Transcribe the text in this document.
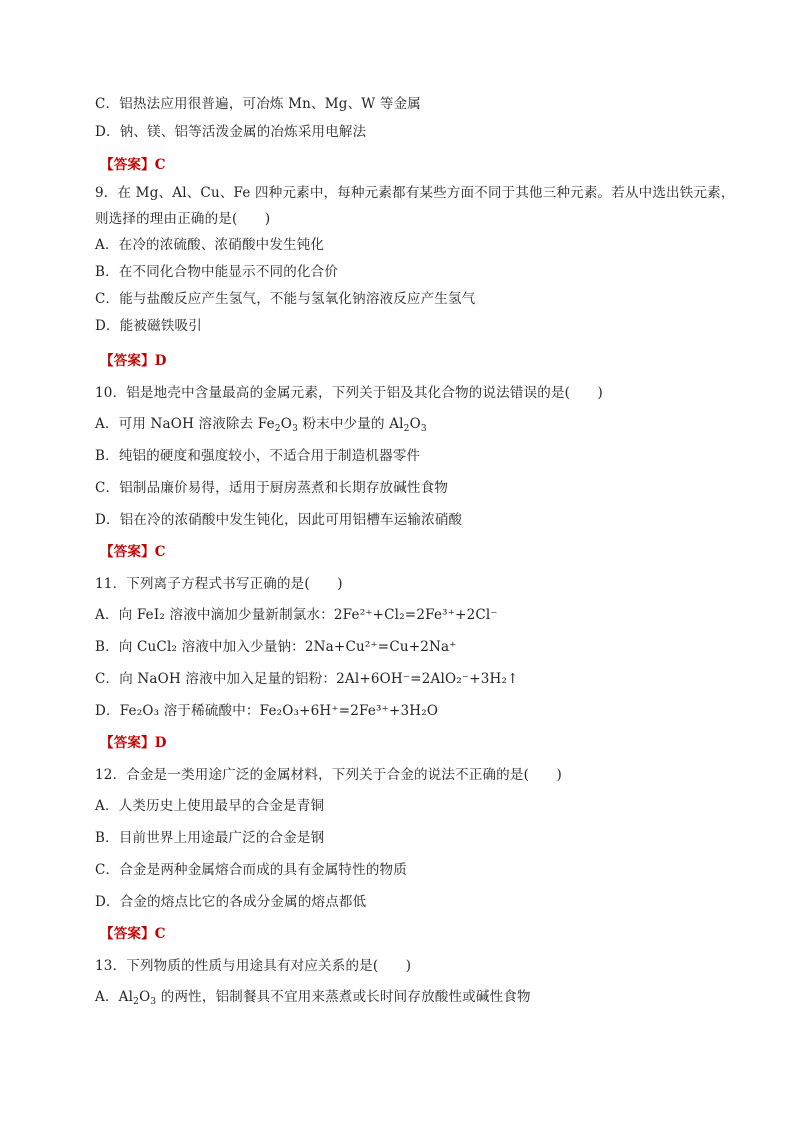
C．铝热法应用很普遍，可冶炼 Mn、Mg、W 等金属
D．钠、镁、铝等活泼金属的冶炼采用电解法
【答案】C
9．在 Mg、Al、Cu、Fe 四种元素中，每种元素都有某些方面不同于其他三种元素。若从中选出铁元素，
则选择的理由正确的是(　　)
A．在冷的浓硫酸、浓硝酸中发生钝化
B．在不同化合物中能显示不同的化合价
C．能与盐酸反应产生氢气，不能与氢氧化钠溶液反应产生氢气
D．能被磁铁吸引
【答案】D
10．铝是地壳中含量最高的金属元素，下列关于铝及其化合物的说法错误的是(　　)
A．可用 NaOH 溶液除去 $Fe_2O_3$ 粉末中少量的 $Al_2O_3$
B．纯铝的硬度和强度较小，不适合用于制造机器零件
C．铝制品廉价易得，适用于厨房蒸煮和长期存放碱性食物
D．铝在冷的浓硝酸中发生钝化，因此可用铝槽车运输浓硝酸
【答案】C
11．下列离子方程式书写正确的是(　　)
A．向 FeI₂ 溶液中滴加少量新制氯水：2Fe²⁺+Cl₂=2Fe³⁺+2Cl⁻
B．向 CuCl₂ 溶液中加入少量钠：2Na+Cu²⁺=Cu+2Na⁺
C．向 NaOH 溶液中加入足量的铝粉：2Al+6OH⁻=2AlO₂⁻+3H₂↑
D．Fe₂O₃ 溶于稀硫酸中：Fe₂O₃+6H⁺=2Fe³⁺+3H₂O
【答案】D
12．合金是一类用途广泛的金属材料，下列关于合金的说法不正确的是(　　)
A．人类历史上使用最早的合金是青铜
B．目前世界上用途最广泛的合金是钢
C．合金是两种金属熔合而成的具有金属特性的物质
D．合金的熔点比它的各成分金属的熔点都低
【答案】C
13．下列物质的性质与用途具有对应关系的是(　　)
A．$Al_2O_3$ 的两性，铝制餐具不宜用来蒸煮或长时间存放酸性或碱性食物
